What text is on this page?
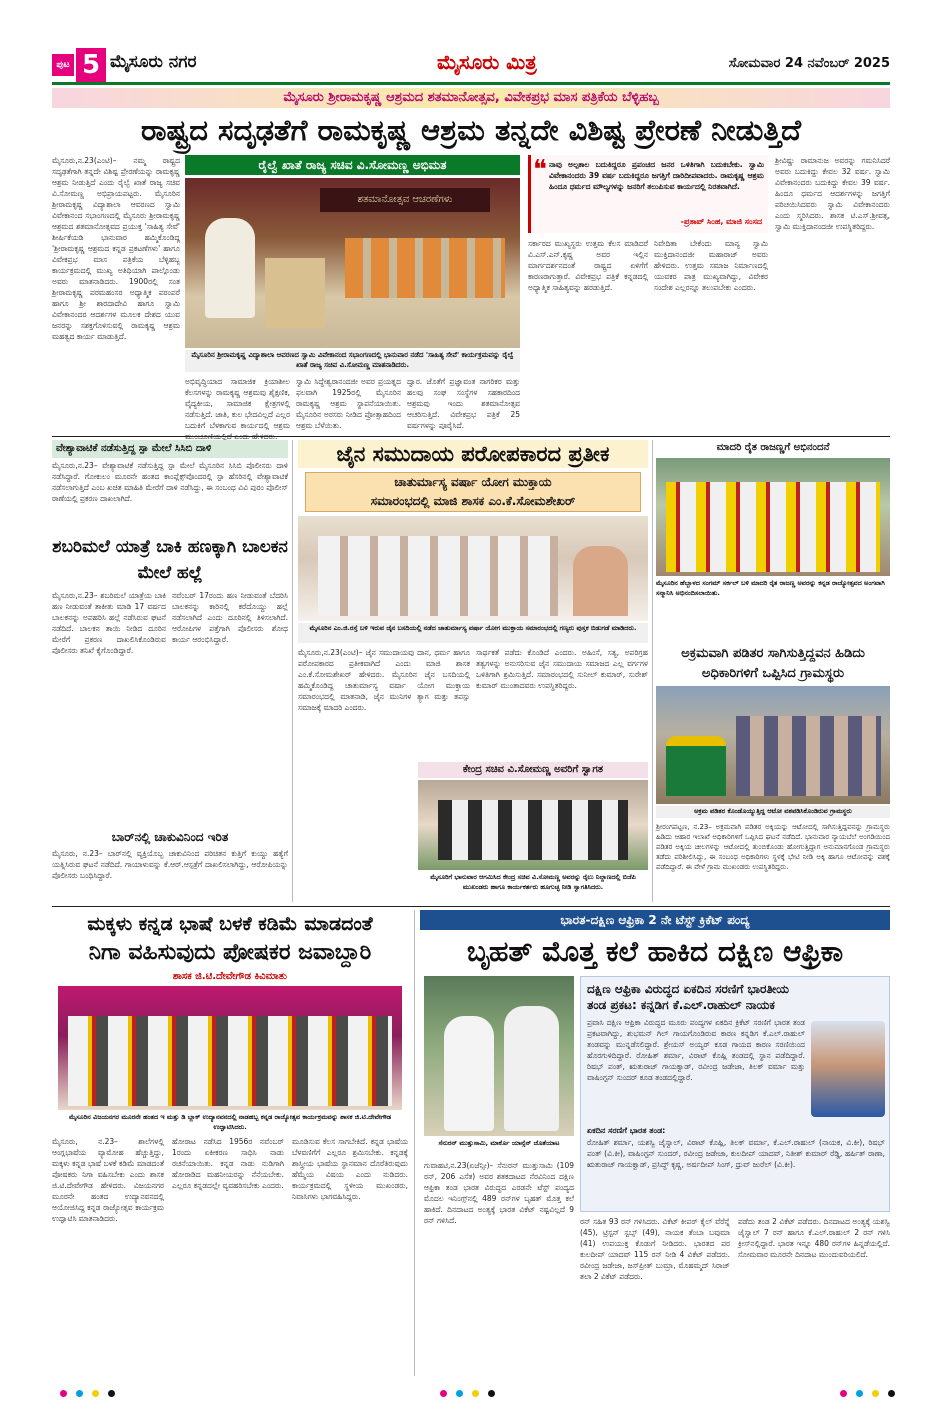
ಪುಟ 5 ಮೈಸೂರು ನಗರ	ಮೈಸೂರು ಮಿತ್ರ	ಸೋಮವಾರ 24 ನವೆಂಬರ್ 2025
ಮೈಸೂರು ಶ್ರೀರಾಮಕೃಷ್ಣ ಆಶ್ರಮದ ಶತಮಾನೋತ್ಸವ, ವಿವೇಕಪ್ರಭ ಮಾಸ ಪತ್ರಿಕೆಯ ಬೆಳ್ಳಿಹಬ್ಬ
ರಾಷ್ಟ್ರದ ಸದೃಢತೆಗೆ ರಾಮಕೃಷ್ಣ ಆಶ್ರಮ ತನ್ನದೇ ವಿಶಿಷ್ಟ ಪ್ರೇರಣೆ ನೀಡುತ್ತಿದೆ
ಮೈಸೂರು,ನ.23(ಎಂಟಿ)– ನಮ್ಮ ರಾಷ್ಟ್ರದ ಸದೃಢತೆಗಾಗಿ ತನ್ನದೇ ವಿಶಿಷ್ಟ ಪ್ರೇರಣೆಯನ್ನು ರಾಮಕೃಷ್ಣ ಆಶ್ರಮ ನೀಡುತ್ತಿದೆ ಎಂದು ರೈಲ್ವೆ ಖಾತೆ ರಾಜ್ಯ ಸಚಿವ ವಿ.ಸೋಮಣ್ಣ ಅಭಿಪ್ರಾಯಪಟ್ಟರು. ಮೈಸೂರಿನ ಶ್ರೀರಾಮಕೃಷ್ಣ ವಿದ್ಯಾಶಾಲಾ ಆವರಣದ ಸ್ವಾಮಿ ವಿವೇಕಾನಂದ ಸಭಾಂಗಣದಲ್ಲಿ ಮೈಸೂರು ಶ್ರೀರಾಮಕೃಷ್ಣ ಆಶ್ರಮದ ಶತಮಾನೋತ್ಸವದ ಪ್ರಯುಕ್ತ 'ಸಾಹಿತ್ಯ ಸೇವೆ' ಶೀರ್ಷಿಕೆಯಡಿ ಭಾನುವಾರ ಹಮ್ಮಿಕೊಂಡಿದ್ದ 'ಶ್ರೀರಾಮಕೃಷ್ಣ ಆಶ್ರಮದ ಕನ್ನಡ ಪ್ರಕಟಣೆಗಳು' ಹಾಗೂ ವಿವೇಕಪ್ರಭ ಮಾಸ ಪತ್ರಿಕೆಯ ಬೆಳ್ಳಿಹಬ್ಬ ಕಾರ್ಯಕ್ರಮದಲ್ಲಿ ಮುಖ್ಯ ಅತಿಥಿಯಾಗಿ ಪಾಲ್ಗೊಂಡು ಅವರು ಮಾತನಾಡಿದರು. 1900ರಲ್ಲಿ ಸಂತ ಶ್ರೀರಾಮಕೃಷ್ಣ ಪರಮಹಂಸರ ಅಧ್ಯಾತ್ಮಿಕ ಪರಂಪರೆ ಹಾಗೂ ಶ್ರೀ ಶಾರದಾದೇವಿ ಹಾಗೂ ಸ್ವಾಮಿ ವಿವೇಕಾನಂದರ ಆದರ್ಶಗಳ ಮೂಲಕ ದೇಶದ ಯುವ ಜನರನ್ನು ಸಶಕ್ತಗೊಳಿಸುವಲ್ಲಿ ರಾಮಕೃಷ್ಣ ಆಶ್ರಮ ಮಹತ್ವದ ಕಾರ್ಯ ಮಾಡುತ್ತಿದೆ.
ರೈಲ್ವೆ ಖಾತೆ ರಾಜ್ಯ ಸಚಿವ ವಿ.ಸೋಮಣ್ಣ ಅಭಿಮತ
ಶತಮಾನೋತ್ಸವ ಆಚರಣೆಗಳು
ಮೈಸೂರಿನ ಶ್ರೀರಾಮಕೃಷ್ಣ ವಿದ್ಯಾಶಾಲಾ ಆವರಣದ ಸ್ವಾಮಿ ವಿವೇಕಾನಂದ ಸಭಾಂಗಣದಲ್ಲಿ ಭಾನುವಾರ ನಡೆದ 'ಸಾಹಿತ್ಯ ಸೇವೆ' ಕಾರ್ಯಕ್ರಮವನ್ನು ರೈಲ್ವೆ ಖಾತೆ ರಾಜ್ಯ ಸಚಿವ ವಿ.ಸೋಮಣ್ಣ ಮಾತನಾಡಿದರು.
ಅಭಿವೃದ್ಧಿಯಾದ ಸಾಮಾಜಿಕ ಕ್ರಿಯಾಶೀಲ ಕೆಲಸಗಳನ್ನು ರಾಮಕೃಷ್ಣ ಆಶ್ರಮವು ಶೈಕ್ಷಣಿಕ, ವೈದ್ಯಕೀಯ, ಸಾಮಾಜಿಕ ಕ್ಷೇತ್ರಗಳಲ್ಲಿ ನಡೆಸುತ್ತಿದೆ. ಜಾತಿ, ಕುಲ ಭೇದವಿಲ್ಲದೆ ಎಲ್ಲರ ಬದುಕಿಗೆ ಬೆಳಕಾಗುವ ಕಾರ್ಯದಲ್ಲಿ ಆಶ್ರಮ
ಸ್ವಾಮಿ ಸಿದ್ಧೇಶ್ವರಾನಂದಜೀ ಅವರ ಪ್ರಯತ್ನದ ಫಲವಾಗಿ 1925ರಲ್ಲಿ ಮೈಸೂರಿನ ರಾಮಕೃಷ್ಣ ಆಶ್ರಮ ಸ್ಥಾಪನೆಯಾಯಿತು. ಮೈಸೂರಿನ ಅರಸರು ನೀಡಿದ ಪ್ರೋತ್ಸಾಹದಿಂದ ಆಶ್ರಮ ಬೆಳೆಯಿತು.
ದ್ವಾರ. ಜೊತೆಗೆ ಪ್ರಜ್ಞಾವಂತ ನಾಗರಿಕರ ಮತ್ತು ಹಲವು ಸಂಘ ಸಂಸ್ಥೆಗಳ ಸಹಕಾರದಿಂದ ಆಶ್ರಮವು ಇಂದು ಶತಮಾನೋತ್ಸವ ಆಚರಿಸುತ್ತಿದೆ. ವಿವೇಕಪ್ರಭ ಪತ್ರಿಕೆ 25 ವರ್ಷಗಳನ್ನು ಪೂರೈಸಿದೆ.
❝ ನಾವು ಅಲ್ಪಕಾಲ ಬದುಕಿದ್ದರೂ ಪ್ರಪಂಚದ ಜನರ ಒಳಿತಿಗಾಗಿ ಬದುಕಬೇಕು. ಸ್ವಾಮಿ ವಿವೇಕಾನಂದರು 39 ವರ್ಷ ಬದುಕಿದ್ದರೂ ಜಗತ್ತಿಗೆ ದಾರಿದೀಪವಾದರು. ರಾಮಕೃಷ್ಣ ಆಶ್ರಮ ಹಿಂದೂ ಧರ್ಮದ ಮೌಲ್ಯಗಳನ್ನು ಜನರಿಗೆ ತಲುಪಿಸುವ ಕಾರ್ಯದಲ್ಲಿ ನಿರತವಾಗಿದೆ.
-ಪ್ರತಾಪ್ ಸಿಂಹ, ಮಾಜಿ ಸಂಸದ
ಸರ್ಕಾರದ ಮುಖ್ಯಸ್ಥರು ಉತ್ತಮ ಕೆಲಸ ಮಾಡಿದರೆ ವಿ.ಎಸ್.ಎನ್.ಕೃಷ್ಣ ಅವರ ಇಲ್ಲಿನ ಮಾರ್ಗದರ್ಶನದಂತೆ ರಾಷ್ಟ್ರದ ಏಳಿಗೆಗೆ ಕಾರಣರಾಗುತ್ತಾರೆ. ವಿವೇಕಪ್ರಭ ಪತ್ರಿಕೆ ಕನ್ನಡದಲ್ಲಿ ಅಧ್ಯಾತ್ಮಿಕ ಸಾಹಿತ್ಯವನ್ನು ಹರಡುತ್ತಿದೆ.
ನಿವೇದಿತಾ ಬೇಕೆಂದು ಮಾನ್ಯ ಸ್ವಾಮಿ ಮುಕ್ತಿದಾನಂದಜೀ ಮಹಾರಾಜ್ ಅವರು ಹೇಳಿದರು. ಉತ್ತಮ ಸಮಾಜ ನಿರ್ಮಾಣದಲ್ಲಿ ಯುವಕರ ಪಾತ್ರ ಮುಖ್ಯವಾಗಿದ್ದು, ವಿವೇಕರ ಸಂದೇಶ ಎಲ್ಲರನ್ನೂ ತಲುಪಬೇಕು ಎಂದರು.
ಶ್ರೀವಿಷ್ಣು ರಾಮಾನುಜ ಅವರನ್ನು ಗಮನಿಸಿದರೆ ಅವರು ಬದುಕಿದ್ದು ಕೇವಲ 32 ವರ್ಷ. ಸ್ವಾಮಿ ವಿವೇಕಾನಂದರು ಬದುಕಿದ್ದು ಕೇವಲ 39 ವರ್ಷ. ಹಿಂದೂ ಧರ್ಮದ ಆದರ್ಶಗಳನ್ನು ಜಗತ್ತಿಗೆ ಪರಿಚಯಿಸಿದವರು ಸ್ವಾಮಿ ವಿವೇಕಾನಂದರು ಎಂದು ಸ್ಮರಿಸಿದರು. ಶಾಸಕ ಟಿ.ಎಸ್.ಶ್ರೀವತ್ಸ, ಸ್ವಾಮಿ ಮುಕ್ತಿದಾನಂದಜೀ ಉಪಸ್ಥಿತರಿದ್ದರು.
ವೇಶ್ಯಾವಾಟಿಕೆ ನಡೆಸುತ್ತಿದ್ದ ಸ್ಪಾ ಮೇಲೆ ಸಿಸಿಬಿ ದಾಳಿ
ಮೈಸೂರು,ನ.23– ವೇಶ್ಯಾವಾಟಿಕೆ ನಡೆಸುತ್ತಿದ್ದ ಸ್ಪಾ ಮೇಲೆ ಮೈಸೂರಿನ ಸಿಸಿಬಿ ಪೊಲೀಸರು ದಾಳಿ ನಡೆಸಿದ್ದಾರೆ. ಗೋಕುಲಂ ಮೂರನೇ ಹಂತದ ಕಾಂಪ್ಲೆಕ್ಸ್‌ವೊಂದರಲ್ಲಿ ಸ್ಪಾ ಹೆಸರಿನಲ್ಲಿ ವೇಶ್ಯಾವಾಟಿಕೆ ನಡೆಸಲಾಗುತ್ತಿದೆ ಎಂಬ ಖಚಿತ ಮಾಹಿತಿ ಮೇರೆಗೆ ದಾಳಿ ನಡೆಸಿದ್ದು, ಈ ಸಂಬಂಧ ವಿವಿ ಪುರಂ ಪೊಲೀಸ್ ಠಾಣೆಯಲ್ಲಿ ಪ್ರಕರಣ ದಾಖಲಾಗಿದೆ.
ಶಬರಿಮಲೆ ಯಾತ್ರೆ ಬಾಕಿ ಹಣಕ್ಕಾಗಿ ಬಾಲಕನ ಮೇಲೆ ಹಲ್ಲೆ
ಮೈಸೂರು,ನ.23– ಶಬರಿಮಲೆ ಯಾತ್ರೆಯ ಬಾಕಿ ಹಣ ನೀಡುವಂತೆ ತಾಕೀತು ಮಾಡಿ 17 ವರ್ಷದ ಬಾಲಕನನ್ನು ಅಪಹರಿಸಿ ಹಲ್ಲೆ ನಡೆಸಿರುವ ಘಟನೆ ನಡೆದಿದೆ. ಬಾಲಕನ ತಾಯಿ ನೀಡಿದ ದೂರಿನ ಮೇರೆಗೆ ಪ್ರಕರಣ ದಾಖಲಿಸಿಕೊಂಡಿರುವ ಪೊಲೀಸರು ತನಿಖೆ ಕೈಗೊಂಡಿದ್ದಾರೆ.
ನವೆಂಬರ್ 17ರಂದು ಹಣ ನೀಡುವಂತೆ ಬೆದರಿಸಿ ಬಾಲಕನನ್ನು ಕಾರಿನಲ್ಲಿ ಕರೆದೊಯ್ದು ಹಲ್ಲೆ ನಡೆಸಲಾಗಿದೆ ಎಂದು ದೂರಿನಲ್ಲಿ ತಿಳಿಸಲಾಗಿದೆ. ಆರೋಪಿಗಳ ಪತ್ತೆಗಾಗಿ ಪೊಲೀಸರು ಶೋಧ ಕಾರ್ಯ ಆರಂಭಿಸಿದ್ದಾರೆ.
ಬಾರ್‌ನಲ್ಲಿ ಚಾಕುವಿನಿಂದ ಇರಿತ
ಮೈಸೂರು, ನ.23– ಬಾರ್‌ನಲ್ಲಿ ವ್ಯಕ್ತಿಯೊಬ್ಬ ಚಾಕುವಿನಿಂದ ಪರಿಚಿತನ ಕುತ್ತಿಗೆ ಕುಯ್ದು ಹತ್ಯೆಗೆ ಯತ್ನಿಸಿರುವ ಘಟನೆ ನಡೆದಿದೆ. ಗಾಯಾಳುವನ್ನು ಕೆ.ಆರ್.ಆಸ್ಪತ್ರೆಗೆ ದಾಖಲಿಸಲಾಗಿದ್ದು, ಆರೋಪಿಯನ್ನು ಪೊಲೀಸರು ಬಂಧಿಸಿದ್ದಾರೆ.
ಜೈನ ಸಮುದಾಯ ಪರೋಪಕಾರದ ಪ್ರತೀಕ
ಚಾತುರ್ಮಾಸ್ಯ ವರ್ಷಾ ಯೋಗ ಮುಕ್ತಾಯ
ಸಮಾರಂಭದಲ್ಲಿ ಮಾಜಿ ಶಾಸಕ ಎಂ.ಕೆ.ಸೋಮಶೇಖರ್
ಮೈಸೂರಿನ ಎಂ.ಜಿ.ರಸ್ತೆ ಬಳಿ ಇರುವ ಜೈನ ಬಸದಿಯಲ್ಲಿ ನಡೆದ ಚಾತುರ್ಮಾಸ್ಯ ವರ್ಷಾ ಯೋಗ ಮುಕ್ತಾಯ ಸಮಾರಂಭದಲ್ಲಿ ಗಣ್ಯರು ಪುಸ್ತಕ ಬಿಡುಗಡೆ ಮಾಡಿದರು.
ಮೈಸೂರು,ನ.23(ಎಂಟಿ)– ಜೈನ ಸಮುದಾಯವು ದಾನ, ಧರ್ಮ ಹಾಗೂ ಪರೋಪಕಾರದ ಪ್ರತೀಕವಾಗಿದೆ ಎಂದು ಮಾಜಿ ಶಾಸಕ ಎಂ.ಕೆ.ಸೋಮಶೇಖರ್ ಹೇಳಿದರು. ಮೈಸೂರಿನ ಜೈನ ಬಸದಿಯಲ್ಲಿ ಹಮ್ಮಿಕೊಂಡಿದ್ದ ಚಾತುರ್ಮಾಸ್ಯ ವರ್ಷಾ ಯೋಗ ಮುಕ್ತಾಯ ಸಮಾರಂಭದಲ್ಲಿ ಮಾತನಾಡಿ, ಜೈನ ಮುನಿಗಳ ತ್ಯಾಗ ಮತ್ತು ತಪಸ್ಸು ಸಮಾಜಕ್ಕೆ ಮಾದರಿ ಎಂದರು.
ಸಾರ್ಥಕತೆ ಪಡೆದು ಕೊಂಡಿದೆ ಎಂದರು. ಅಹಿಂಸೆ, ಸತ್ಯ, ಅಪರಿಗ್ರಹ ತತ್ವಗಳನ್ನು ಅನುಸರಿಸುವ ಜೈನ ಸಮುದಾಯ ಸಮಾಜದ ಎಲ್ಲ ವರ್ಗಗಳ ಒಳಿತಿಗಾಗಿ ಶ್ರಮಿಸುತ್ತಿದೆ. ಸಮಾರಂಭದಲ್ಲಿ ಸುನೀಲ್ ಕುಮಾರ್, ಸುರೇಶ್ ಕುಮಾರ್ ಮುಂತಾದವರು ಉಪಸ್ಥಿತರಿದ್ದರು.
ಕೇಂದ್ರ ಸಚಿವ ವಿ.ಸೋಮಣ್ಣ ಅವರಿಗೆ ಸ್ವಾಗತ
ಮೈಸೂರಿಗೆ ಭಾನುವಾರ ಆಗಮಿಸಿದ ಕೇಂದ್ರ ಸಚಿವ ವಿ.ಸೋಮಣ್ಣ ಅವರನ್ನು ರೈಲು ನಿಲ್ದಾಣದಲ್ಲಿ ಬಿಜೆಪಿ ಮುಖಂಡರು ಹಾಗೂ ಕಾರ್ಯಕರ್ತರು ಹೂಗುಚ್ಛ ನೀಡಿ ಸ್ವಾಗತಿಸಿದರು.
ಮಾದರಿ ರೈತ ರಾಜಣ್ಣಗೆ ಅಭಿನಂದನೆ
ಮೈಸೂರಿನ ಹೆಬ್ಬಾಳದ ಸಂಗಮ್ ಸರ್ಕಲ್ ಬಳಿ ಮಾದರಿ ರೈತ ರಾಜಣ್ಣ ಅವರನ್ನು ಕನ್ನಡ ರಾಜ್ಯೋತ್ಸವದ ಅಂಗವಾಗಿ ಸನ್ಮಾನಿಸಿ ಅಭಿನಂದಿಸಲಾಯಿತು.
ಅಕ್ರಮವಾಗಿ ಪಡಿತರ ಸಾಗಿಸುತ್ತಿದ್ದವನ ಹಿಡಿದು ಅಧಿಕಾರಿಗಳಿಗೆ ಒಪ್ಪಿಸಿದ ಗ್ರಾಮಸ್ಥರು
ಅಕ್ರಮ ಪಡಿತರ ಕೊಂಡೊಯ್ಯುತ್ತಿದ್ದ ಆಟೋ ವಶಪಡಿಸಿಕೊಂಡಿರುವ ಗ್ರಾಮಸ್ಥರು
ಶ್ರೀರಂಗಪಟ್ಟಣ, ನ.23– ಅಕ್ರಮವಾಗಿ ಪಡಿತರ ಅಕ್ಕಿಯನ್ನು ಆಟೋದಲ್ಲಿ ಸಾಗಿಸುತ್ತಿದ್ದವನನ್ನು ಗ್ರಾಮಸ್ಥರು ಹಿಡಿದು ಆಹಾರ ಇಲಾಖೆ ಅಧಿಕಾರಿಗಳಿಗೆ ಒಪ್ಪಿಸಿದ ಘಟನೆ ನಡೆದಿದೆ. ಭಾನುವಾರ ನ್ಯಾಯಬೆಲೆ ಅಂಗಡಿಯಿಂದ ಪಡಿತರ ಅಕ್ಕಿಯ ಚೀಲಗಳನ್ನು ಆಟೋದಲ್ಲಿ ತುಂಬಿಕೊಂಡು ಹೋಗುತ್ತಿದ್ದಾಗ ಅನುಮಾನಗೊಂಡ ಗ್ರಾಮಸ್ಥರು ತಡೆದು ಪರಿಶೀಲಿಸಿದ್ದು, ಈ ಸಂಬಂಧ ಅಧಿಕಾರಿಗಳು ಸ್ಥಳಕ್ಕೆ ಭೇಟಿ ನೀಡಿ ಅಕ್ಕಿ ಹಾಗೂ ಆಟೋವನ್ನು ವಶಕ್ಕೆ ಪಡೆದಿದ್ದಾರೆ. ಈ ವೇಳೆ ಗ್ರಾಮ ಮುಖಂಡರು ಉಪಸ್ಥಿತರಿದ್ದರು.
ಮಕ್ಕಳು ಕನ್ನಡ ಭಾಷೆ ಬಳಕೆ ಕಡಿಮೆ ಮಾಡದಂತೆ
ನಿಗಾ ವಹಿಸುವುದು ಪೋಷಕರ ಜವಾಬ್ದಾರಿ
ಶಾಸಕ ಜಿ.ಟಿ.ದೇವೇಗೌಡ ಕಿವಿಮಾತು
ಮೈಸೂರಿನ ವಿಜಯನಗರ ಮೂರನೇ ಹಂತದ ಇ ಮತ್ತು ಡಿ ಬ್ಲಾಕ್ ಉದ್ಯಾನವನದಲ್ಲಿ ನಾಡಹಬ್ಬ ಕನ್ನಡ ರಾಜ್ಯೋತ್ಸವ ಕಾರ್ಯಕ್ರಮವನ್ನು ಶಾಸಕ ಜಿ.ಟಿ.ದೇವೇಗೌಡ ಉದ್ಘಾಟಿಸಿದರು.
ಮೈಸೂರು, ನ.23– ಶಾಲೆಗಳಲ್ಲಿ ಆಂಗ್ಲಭಾಷೆಯ ವ್ಯಾಮೋಹ ಹೆಚ್ಚುತ್ತಿದ್ದು, ಮಕ್ಕಳು ಕನ್ನಡ ಭಾಷೆ ಬಳಕೆ ಕಡಿಮೆ ಮಾಡದಂತೆ ಪೋಷಕರು ನಿಗಾ ವಹಿಸಬೇಕು ಎಂದು ಶಾಸಕ ಜಿ.ಟಿ.ದೇವೇಗೌಡ ಹೇಳಿದರು. ವಿಜಯನಗರ ಮೂರನೇ ಹಂತದ ಉದ್ಯಾನವನದಲ್ಲಿ ಆಯೋಜಿಸಿದ್ದ ಕನ್ನಡ ರಾಜ್ಯೋತ್ಸವ ಕಾರ್ಯಕ್ರಮ ಉದ್ಘಾಟಿಸಿ ಮಾತನಾಡಿದರು.
ಹೋರಾಟ ನಡೆಸಿದ 1956ರ ನವೆಂಬರ್ 1ರಂದು ಏಕೀಕರಣ ಸಾಧಿಸಿ ನಾಡು ರಚನೆಯಾಯಿತು. ಕನ್ನಡ ನಾಡು ನುಡಿಗಾಗಿ ಹೋರಾಡಿದ ಮಹನೀಯರನ್ನು ನೆನೆಯಬೇಕು. ಎಲ್ಲರೂ ಕನ್ನಡದಲ್ಲೇ ವ್ಯವಹರಿಸಬೇಕು ಎಂದರು.
ಮೂಡಿಸುವ ಕೆಲಸ ಸಾಗಬೇಕಿದೆ. ಕನ್ನಡ ಭಾಷೆಯ ಬೆಳವಣಿಗೆಗೆ ಎಲ್ಲರೂ ಶ್ರಮಿಸಬೇಕು. ಕನ್ನಡಕ್ಕೆ ಶಾಸ್ತ್ರೀಯ ಭಾಷೆಯ ಸ್ಥಾನಮಾನ ದೊರೆತಿರುವುದು ಹೆಮ್ಮೆಯ ವಿಷಯ ಎಂದು ನುಡಿದರು. ಕಾರ್ಯಕ್ರಮದಲ್ಲಿ ಸ್ಥಳೀಯ ಮುಖಂಡರು, ನಿವಾಸಿಗಳು ಭಾಗವಹಿಸಿದ್ದರು.
ಭಾರತ-ದಕ್ಷಿಣ ಆಫ್ರಿಕಾ 2 ನೇ ಟೆಸ್ಟ್ ಕ್ರಿಕೆಟ್ ಪಂದ್ಯ
ಬೃಹತ್ ಮೊತ್ತ ಕಲೆ ಹಾಕಿದ ದಕ್ಷಿಣ ಆಫ್ರಿಕಾ
ಸೆನುರನ್ ಮುತ್ತುಸಾಮಿ, ಮಾರ್ಕೊ ಯಾನ್ಸೆನ್ ಜೊತೆಯಾಟ
ಗುವಾಹಟಿ,ನ.23(ಏಜೆನ್ಸೀ)– ಸೆನುರನ್ ಮುತ್ತುಸಾಮಿ (109 ರನ್, 206 ಎಸೆತ) ಅವರ ಶತಕದಾಟದ ನೆರವಿನಿಂದ ದಕ್ಷಿಣ ಆಫ್ರಿಕಾ ತಂಡ ಭಾರತ ವಿರುದ್ಧದ ಎರಡನೇ ಟೆಸ್ಟ್ ಪಂದ್ಯದ ಮೊದಲ ಇನಿಂಗ್ಸ್‌ನಲ್ಲಿ 489 ರನ್‌ಗಳ ಬೃಹತ್ ಮೊತ್ತ ಕಲೆ ಹಾಕಿದೆ. ದಿನದಾಟದ ಅಂತ್ಯಕ್ಕೆ ಭಾರತ ವಿಕೆಟ್ ನಷ್ಟವಿಲ್ಲದೆ 9 ರನ್ ಗಳಿಸಿದೆ.
ದಕ್ಷಿಣ ಆಫ್ರಿಕಾ ವಿರುದ್ಧದ ಏಕದಿನ ಸರಣಿಗೆ ಭಾರತೀಯ
ತಂಡ ಪ್ರಕಟ: ಕನ್ನಡಿಗ ಕೆ.ಎಲ್.ರಾಹುಲ್ ನಾಯಕ
ಪ್ರವಾಸಿ ದಕ್ಷಿಣ ಆಫ್ರಿಕಾ ವಿರುದ್ಧದ ಮೂರು ಪಂದ್ಯಗಳ ಏಕದಿನ ಕ್ರಿಕೆಟ್ ಸರಣಿಗೆ ಭಾರತ ತಂಡ ಪ್ರಕಟವಾಗಿದ್ದು, ಶುಭಮನ್ ಗಿಲ್ ಗಾಯಗೊಂಡಿರುವ ಕಾರಣ ಕನ್ನಡಿಗ ಕೆ.ಎಲ್.ರಾಹುಲ್ ತಂಡವನ್ನು ಮುನ್ನಡೆಸಲಿದ್ದಾರೆ. ಶ್ರೇಯಸ್ ಅಯ್ಯರ್ ಕೂಡ ಗಾಯದ ಕಾರಣ ಸರಣಿಯಿಂದ ಹೊರಗುಳಿದಿದ್ದಾರೆ. ರೋಹಿತ್ ಶರ್ಮಾ, ವಿರಾಟ್ ಕೊಹ್ಲಿ ತಂಡದಲ್ಲಿ ಸ್ಥಾನ ಪಡೆದಿದ್ದಾರೆ. ರಿಷಭ್ ಪಂತ್, ಋತುರಾಜ್ ಗಾಯಕ್ವಾಡ್, ರವೀಂದ್ರ ಜಡೇಜಾ, ತಿಲಕ್ ವರ್ಮಾ ಮತ್ತು ವಾಷಿಂಗ್ಟನ್ ಸುಂದರ್ ಕೂಡ ತಂಡದಲ್ಲಿದ್ದಾರೆ.
ಏಕದಿನ ಸರಣಿಗೆ ಭಾರತ ತಂಡ:
ರೋಹಿತ್ ಶರ್ಮಾ, ಯಶಸ್ವಿ ಜೈಸ್ವಾಲ್, ವಿರಾಟ್ ಕೊಹ್ಲಿ, ತಿಲಕ್ ವರ್ಮಾ, ಕೆ.ಎಲ್.ರಾಹುಲ್ (ನಾಯಕ, ವಿ.ಕೀ), ರಿಷಭ್ ಪಂತ್ (ವಿ.ಕೀ), ವಾಷಿಂಗ್ಟನ್ ಸುಂದರ್, ರವೀಂದ್ರ ಜಡೇಜಾ, ಕುಲದೀಪ್ ಯಾದವ್, ನಿತೀಶ್ ಕುಮಾರ್ ರೆಡ್ಡಿ, ಹರ್ಷಿತ್ ರಾಣಾ, ಋತುರಾಜ್ ಗಾಯಕ್ವಾಡ್, ಪ್ರಸಿದ್ಧ್ ಕೃಷ್ಣ, ಅರ್ಷದೀಪ್ ಸಿಂಗ್, ಧ್ರುವ್ ಜುರೆಲ್ (ವಿ.ಕೀ).
ರನ್ ಸಹಿತ 93 ರನ್ ಗಳಿಸಿದರು. ವಿಕೆಟ್ ಕೀಪರ್ ಕೈಲ್ ವೆರೆನ್ನೆ (45), ಟ್ರಿಸ್ಟನ್ ಸ್ಟಬ್ಸ್ (49), ನಾಯಕ ತೆಂಬಾ ಬವುಮಾ (41) ಉಪಯುಕ್ತ ಕೊಡುಗೆ ನೀಡಿದರು. ಭಾರತದ ಪರ ಕುಲದೀಪ್ ಯಾದವ್ 115 ರನ್ ನೀಡಿ 4 ವಿಕೆಟ್ ಪಡೆದರು. ರವೀಂದ್ರ ಜಡೇಜಾ, ಜಸ್‌ಪ್ರೀತ್ ಬುಮ್ರಾ, ಮೊಹಮ್ಮದ್ ಸಿರಾಜ್ ತಲಾ 2 ವಿಕೆಟ್ ಪಡೆದರು.
ಪಡೆದು ತಂಡ 2 ವಿಕೆಟ್ ಪಡೆದರು. ದಿನದಾಟದ ಅಂತ್ಯಕ್ಕೆ ಯಶಸ್ವಿ ಜೈಸ್ವಾಲ್ 7 ರನ್ ಹಾಗೂ ಕೆ.ಎಲ್.ರಾಹುಲ್ 2 ರನ್ ಗಳಿಸಿ ಕ್ರೀಸ್‌ನಲ್ಲಿದ್ದಾರೆ. ಭಾರತ ಇನ್ನೂ 480 ರನ್‌ಗಳ ಹಿನ್ನಡೆಯಲ್ಲಿದೆ. ಸೋಮವಾರ ಮೂರನೇ ದಿನದಾಟ ಮುಂದುವರಿಯಲಿದೆ.
